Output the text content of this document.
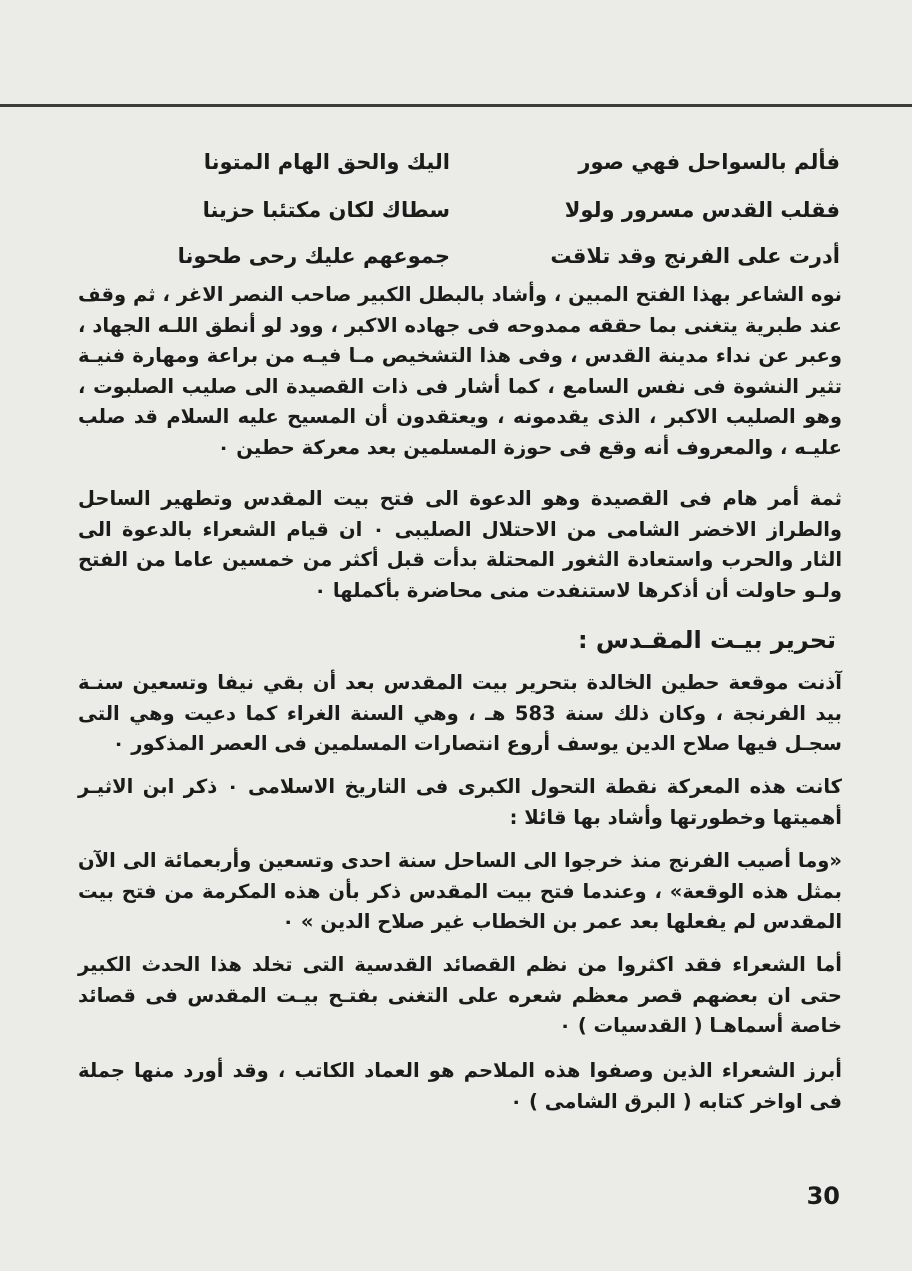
فألم بالسواحل فهي صور
اليك والحق الهام المتونا
فقلب القدس مسرور ولولا
سطاك لكان مكتئبا حزينا
أدرت على الفرنج وقد تلاقت
جموعهم عليك رحى طحونا
نوه الشاعر بهذا الفتح المبين ، وأشاد بالبطل الكبير صاحب النصر الاغر ، ثم وقف عند طبرية يتغنى بما حققه ممدوحه فى جهاده الاكبر ، وود لو أنطق اللـه الجهاد ، وعبر عن نداء مدينة القدس ، وفى هذا التشخيص مـا فيـه من براعة ومهارة فنيـة تثير النشوة فى نفس السامع ، كما أشار فى ذات القصيدة الى صليب الصلبوت ، وهو الصليب الاكبر ، الذى يقدمونه ، ويعتقدون أن المسيح عليه السلام قد صلب عليـه ، والمعروف أنه وقع فى حوزة المسلمين بعد معركة حطين ٠
ثمة أمر هام فى القصيدة وهو الدعوة الى فتح بيت المقدس وتطهير الساحل والطراز الاخضر الشامى من الاحتلال الصليبى ٠ ان قيام الشعراء بالدعوة الى الثار والحرب واستعادة الثغور المحتلة بدأت قبل أكثر من خمسين عاما من الفتح ولـو حاولت أن أذكرها لاستنفدت منى محاضرة بأكملها ٠
تحرير بيـت المقـدس :
آذنت موقعة حطين الخالدة بتحرير بيت المقدس بعد أن بقي نيفا وتسعين سنـة بيد الفرنجة ، وكان ذلك سنة 583 هـ ، وهي السنة الغراء كما دعيت وهي التى سجـل فيها صلاح الدين يوسف أروع انتصارات المسلمين فى العصر المذكور ٠
كانت هذه المعركة نقطة التحول الكبرى فى التاريخ الاسلامى ٠ ذكر ابن الاثيـر أهميتها وخطورتها وأشاد بها قائلا :
«وما أصيب الفرنج منذ خرجوا الى الساحل سنة احدى وتسعين وأربعمائة الى الآن بمثل هذه الوقعة» ، وعندما فتح بيت المقدس ذكر بأن هذه المكرمة من فتح بيت المقدس لم يفعلها بعد عمر بن الخطاب غير صلاح الدين » ٠
أما الشعراء فقد اكثروا من نظم القصائد القدسية التى تخلد هذا الحدث الكبير حتى ان بعضهم قصر معظم شعره على التغنى بفتـح بيـت المقدس فى قصائد خاصة أسماهـا ( القدسيات ) ٠
أبرز الشعراء الذين وصفوا هذه الملاحم هو العماد الكاتب ، وقد أورد منها جملة فى اواخر كتابه ( البرق الشامى ) ٠
30
